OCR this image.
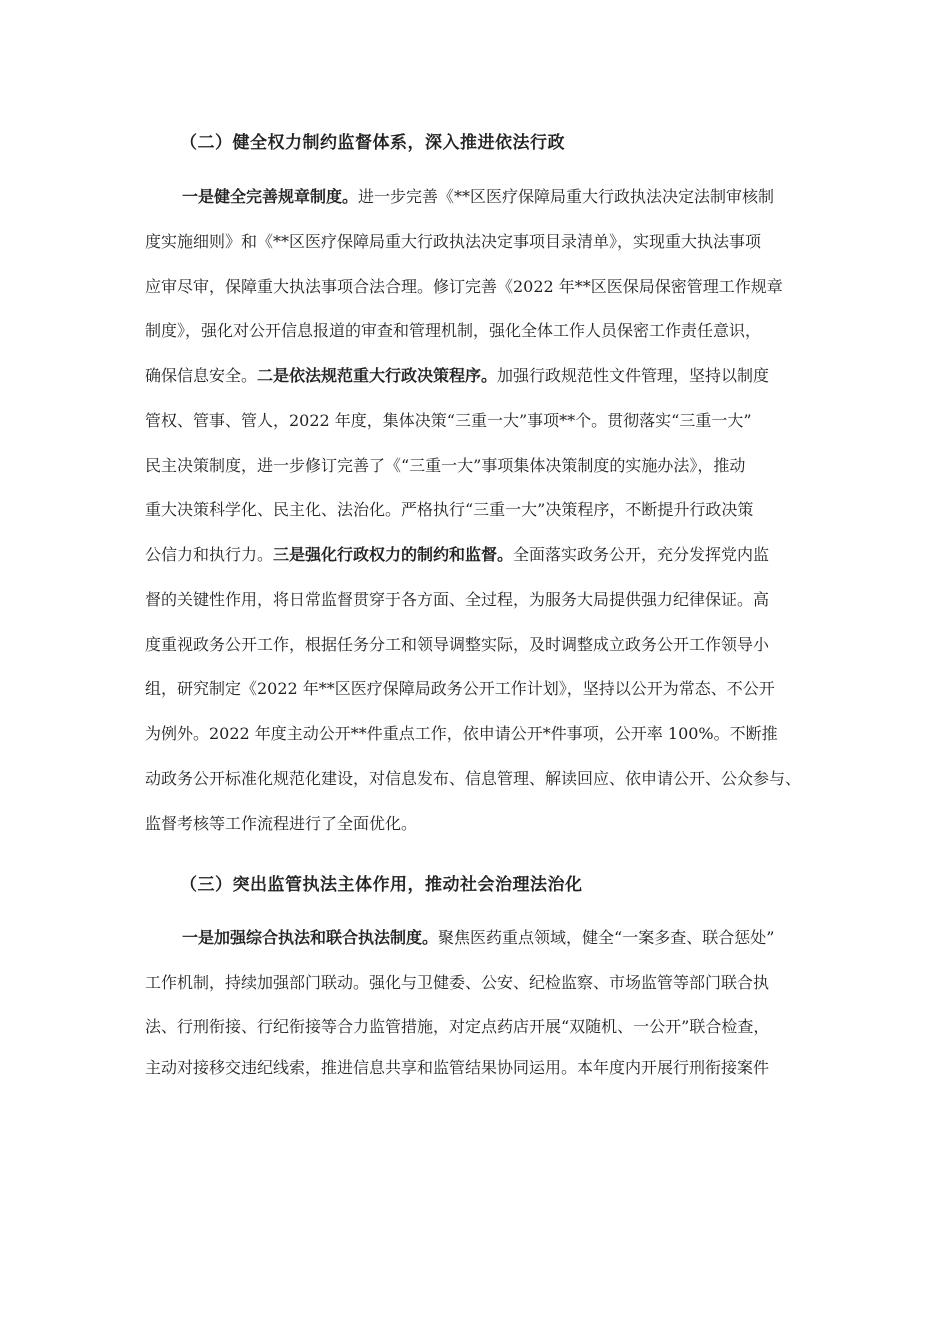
（二）健全权力制约监督体系，深入推进依法行政
一是健全完善规章制度。进一步完善《**区医疗保障局重大行政执法决定法制审核制
度实施细则》和《**区医疗保障局重大行政执法决定事项目录清单》，实现重大执法事项
应审尽审，保障重大执法事项合法合理。修订完善《2022 年**区医保局保密管理工作规章
制度》，强化对公开信息报道的审查和管理机制，强化全体工作人员保密工作责任意识，
确保信息安全。二是依法规范重大行政决策程序。加强行政规范性文件管理，坚持以制度
管权、管事、管人，2022 年度，集体决策“三重一大”事项**个。贯彻落实“三重一大”
民主决策制度，进一步修订完善了《“三重一大”事项集体决策制度的实施办法》，推动
重大决策科学化、民主化、法治化。严格执行“三重一大”决策程序，不断提升行政决策
公信力和执行力。三是强化行政权力的制约和监督。全面落实政务公开，充分发挥党内监
督的关键性作用，将日常监督贯穿于各方面、全过程，为服务大局提供强力纪律保证。高
度重视政务公开工作，根据任务分工和领导调整实际，及时调整成立政务公开工作领导小
组，研究制定《2022 年**区医疗保障局政务公开工作计划》，坚持以公开为常态、不公开
为例外。2022 年度主动公开**件重点工作，依申请公开*件事项，公开率 100%。不断推
动政务公开标准化规范化建设，对信息发布、信息管理、解读回应、依申请公开、公众参与、
监督考核等工作流程进行了全面优化。
（三）突出监管执法主体作用，推动社会治理法治化
一是加强综合执法和联合执法制度。聚焦医药重点领域，健全“一案多查、联合惩处”
工作机制，持续加强部门联动。强化与卫健委、公安、纪检监察、市场监管等部门联合执
法、行刑衔接、行纪衔接等合力监管措施，对定点药店开展“双随机、一公开”联合检查，
主动对接移交违纪线索，推进信息共享和监管结果协同运用。本年度内开展行刑衔接案件
